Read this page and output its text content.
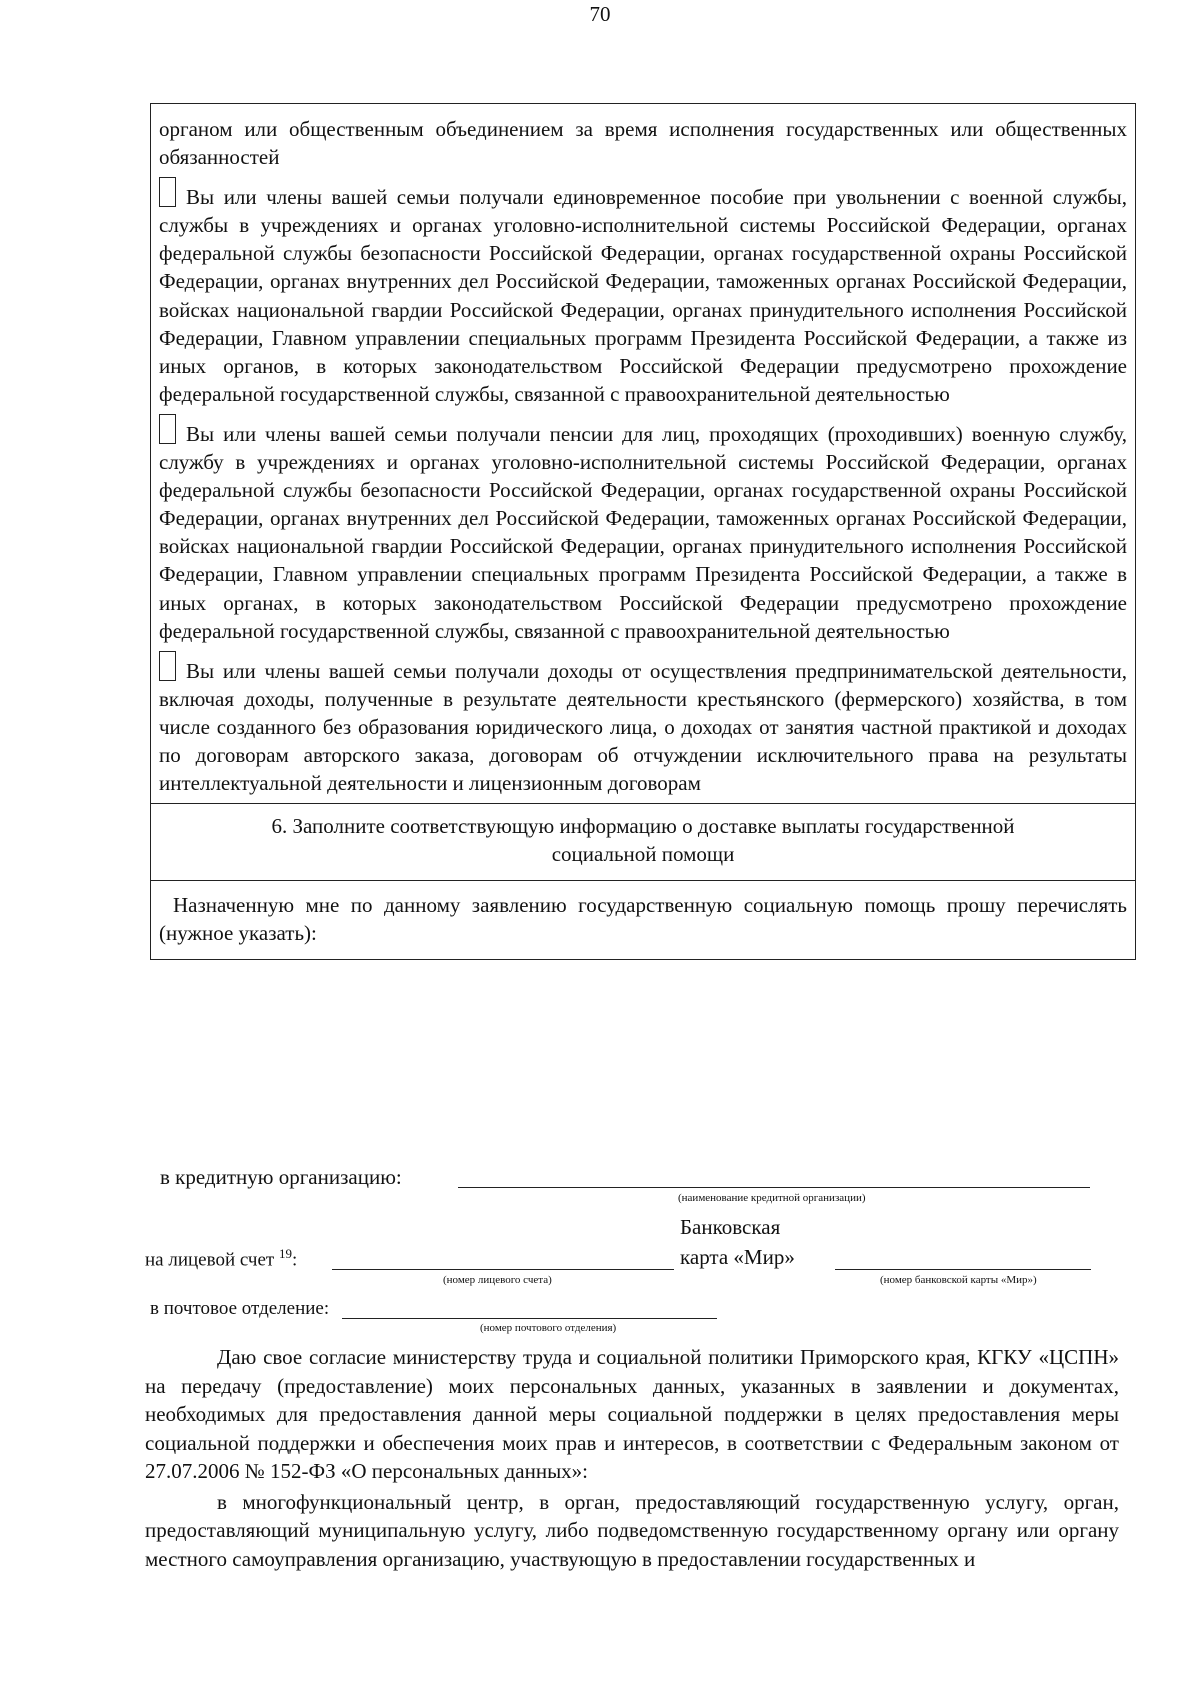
70

органом или общественным объединением за время исполнения государственных или общественных обязанностей

Вы или члены вашей семьи получали единовременное пособие при увольнении с военной службы, службы в учреждениях и органах уголовно-исполнительной системы Российской Федерации, органах федеральной службы безопасности Российской Федерации, органах государственной охраны Российской Федерации, органах внутренних дел Российской Федерации, таможенных органах Российской Федерации, войсках национальной гвардии Российской Федерации, органах принудительного исполнения Российской Федерации, Главном управлении специальных программ Президента Российской Федерации, а также из иных органов, в которых законодательством Российской Федерации предусмотрено прохождение федеральной государственной службы, связанной с правоохранительной деятельностью

Вы или члены вашей семьи получали пенсии для лиц, проходящих (проходивших) военную службу, службу в учреждениях и органах уголовно-исполнительной системы Российской Федерации, органах федеральной службы безопасности Российской Федерации, органах государственной охраны Российской Федерации, органах внутренних дел Российской Федерации, таможенных органах Российской Федерации, войсках национальной гвардии Российской Федерации, органах принудительного исполнения Российской Федерации, Главном управлении специальных программ Президента Российской Федерации, а также в иных органах, в которых законодательством Российской Федерации предусмотрено прохождение федеральной государственной службы, связанной с правоохранительной деятельностью

Вы или члены вашей семьи получали доходы от осуществления предпринимательской деятельности, включая доходы, полученные в результате деятельности крестьянского (фермерского) хозяйства, в том числе созданного без образования юридического лица, о доходах от занятия частной практикой и доходах по договорам авторского заказа, договорам об отчуждении исключительного права на результаты интеллектуальной деятельности и лицензионным договорам

6. Заполните соответствующую информацию о доставке выплаты государственной
социальной помощи

Назначенную мне по данному заявлению государственную социальную помощь прошу перечислять (нужное указать):

в кредитную организацию:
(наименование кредитной организации)
на лицевой счет $^{19}$:
(номер лицевого счета)
Банковская
карта «Мир»
(номер банковской карты «Мир»)
в почтовое отделение:
(номер почтового отделения)

Даю свое согласие министерству труда и социальной политики Приморского края, КГКУ «ЦСПН» на передачу (предоставление) моих персональных данных, указанных в заявлении и документах, необходимых для предоставления данной меры социальной поддержки в целях предоставления меры социальной поддержки и обеспечения моих прав и интересов, в соответствии с Федеральным законом от 27.07.2006 № 152-ФЗ «О персональных данных»:

в многофункциональный центр, в орган, предоставляющий государственную услугу, орган, предоставляющий муниципальную услугу, либо подведомственную государственному органу или органу местного самоуправления организацию, участвующую в предоставлении государственных и
